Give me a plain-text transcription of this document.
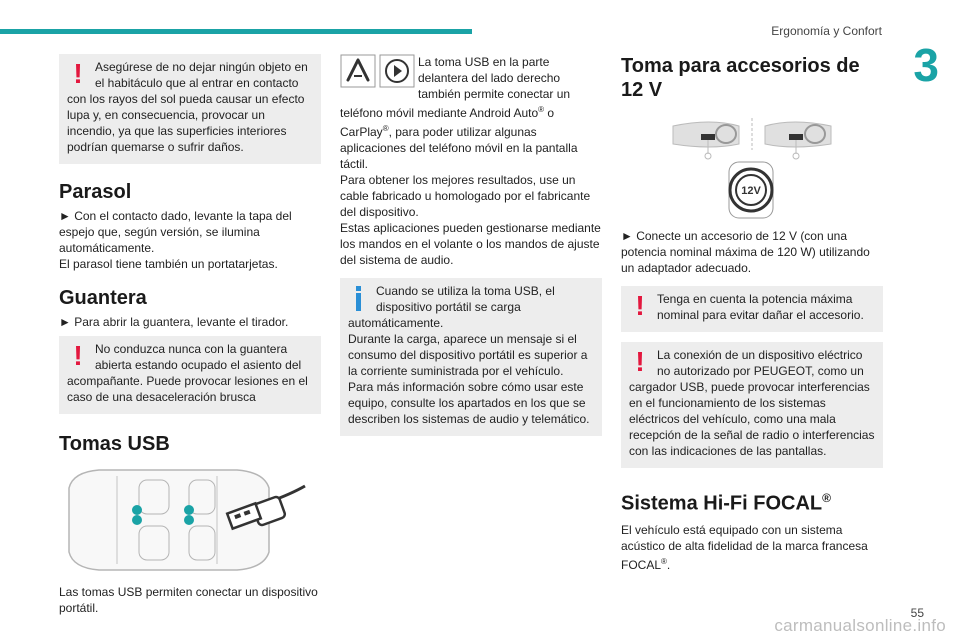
Ergonomía y Confort
3
!	Asegúrese de no dejar ningún objeto en el habitáculo que al entrar en contacto con los rayos del sol pueda causar un efecto lupa y, en consecuencia, provocar un incendio, ya que las superficies interiores podrían quemarse o sufrir daños.

Parasol

► Con el contacto dado, levante la tapa del espejo que, según versión, se ilumina automáticamente.

El parasol tiene también un portatarjetas.

Guantera

► Para abrir la guantera, levante el tirador.

!	No conduzca nunca con la guantera abierta estando ocupado el asiento del acompañante. Puede provocar lesiones en el caso de una desaceleración brusca

Tomas USB

Las tomas USB permiten conectar un dispositivo portátil.

La toma USB en la parte delantera del lado derecho también permite conectar un teléfono móvil mediante Android Auto® o CarPlay®, para poder utilizar algunas aplicaciones del teléfono móvil en la pantalla táctil.

Para obtener los mejores resultados, use un cable fabricado u homologado por el fabricante del dispositivo.

Estas aplicaciones pueden gestionarse mediante los mandos en el volante o los mandos de ajuste del sistema de audio.

Cuando se utiliza la toma USB, el dispositivo portátil se carga automáticamente.

Durante la carga, aparece un mensaje si el consumo del dispositivo portátil es superior a la corriente suministrada por el vehículo.

Para más información sobre cómo usar este equipo, consulte los apartados en los que se describen los sistemas de audio y telemático.

Toma para accesorios de 12 V
12V

► Conecte un accesorio de 12 V (con una potencia nominal máxima de 120 W) utilizando un adaptador adecuado.

!	Tenga en cuenta la potencia máxima nominal para evitar dañar el accesorio.

!	La conexión de un dispositivo eléctrico no autorizado por PEUGEOT, como un cargador USB, puede provocar interferencias en el funcionamiento de los sistemas eléctricos del vehículo, como una mala recepción de la señal de radio o interferencias con las indicaciones de las pantallas.

Sistema Hi-Fi FOCAL®

El vehículo está equipado con un sistema acústico de alta fidelidad de la marca francesa FOCAL®.

55
carmanualsonline.info
